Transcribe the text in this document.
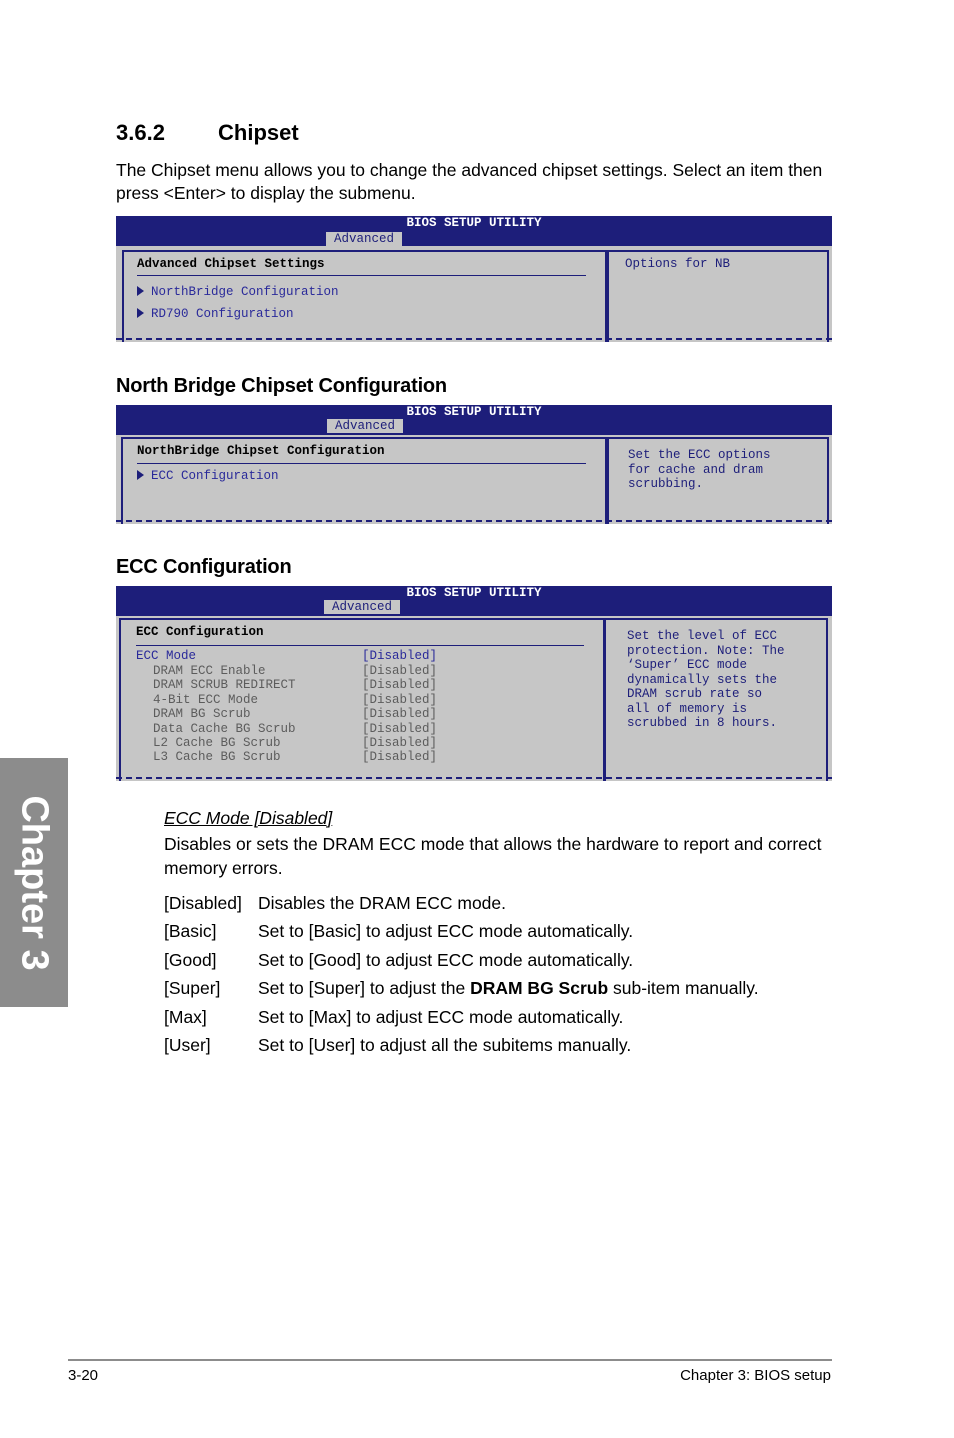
3.6.2 Chipset
The Chipset menu allows you to change the advanced chipset settings. Select an item then
press <Enter> to display the submenu.
BIOS SETUP UTILITY
Advanced
Advanced Chipset Settings
NorthBridge Configuration
RD790 Configuration
Options for NB
North Bridge Chipset Configuration
BIOS SETUP UTILITY
Advanced
NorthBridge Chipset Configuration
ECC Configuration
Set the ECC options
for cache and dram
scrubbing.
ECC Configuration
BIOS SETUP UTILITY
Advanced
ECC Configuration
ECC Mode	[Disabled]
DRAM ECC Enable	[Disabled]
DRAM SCRUB REDIRECT	[Disabled]
4-Bit ECC Mode	[Disabled]
DRAM BG Scrub	[Disabled]
Data Cache BG Scrub	[Disabled]
L2 Cache BG Scrub	[Disabled]
L3 Cache BG Scrub	[Disabled]
Set the level of ECC
protection. Note: The
‘Super’ ECC mode
dynamically sets the
DRAM scrub rate so
all of memory is
scrubbed in 8 hours.
Chapter 3	ECC Mode [Disabled]
Disables or sets the DRAM ECC mode that allows the hardware to report and correct
memory errors.
[Disabled] Disables the DRAM ECC mode.
[Basic] Set to [Basic] to adjust ECC mode automatically.
[Good] Set to [Good] to adjust ECC mode automatically.
[Super] Set to [Super] to adjust the DRAM BG Scrub sub-item manually.
[Max]	Set to [Max] to adjust ECC mode automatically.
[User]	Set to [User] to adjust all the subitems manually.
3-20	Chapter 3: BIOS setup
